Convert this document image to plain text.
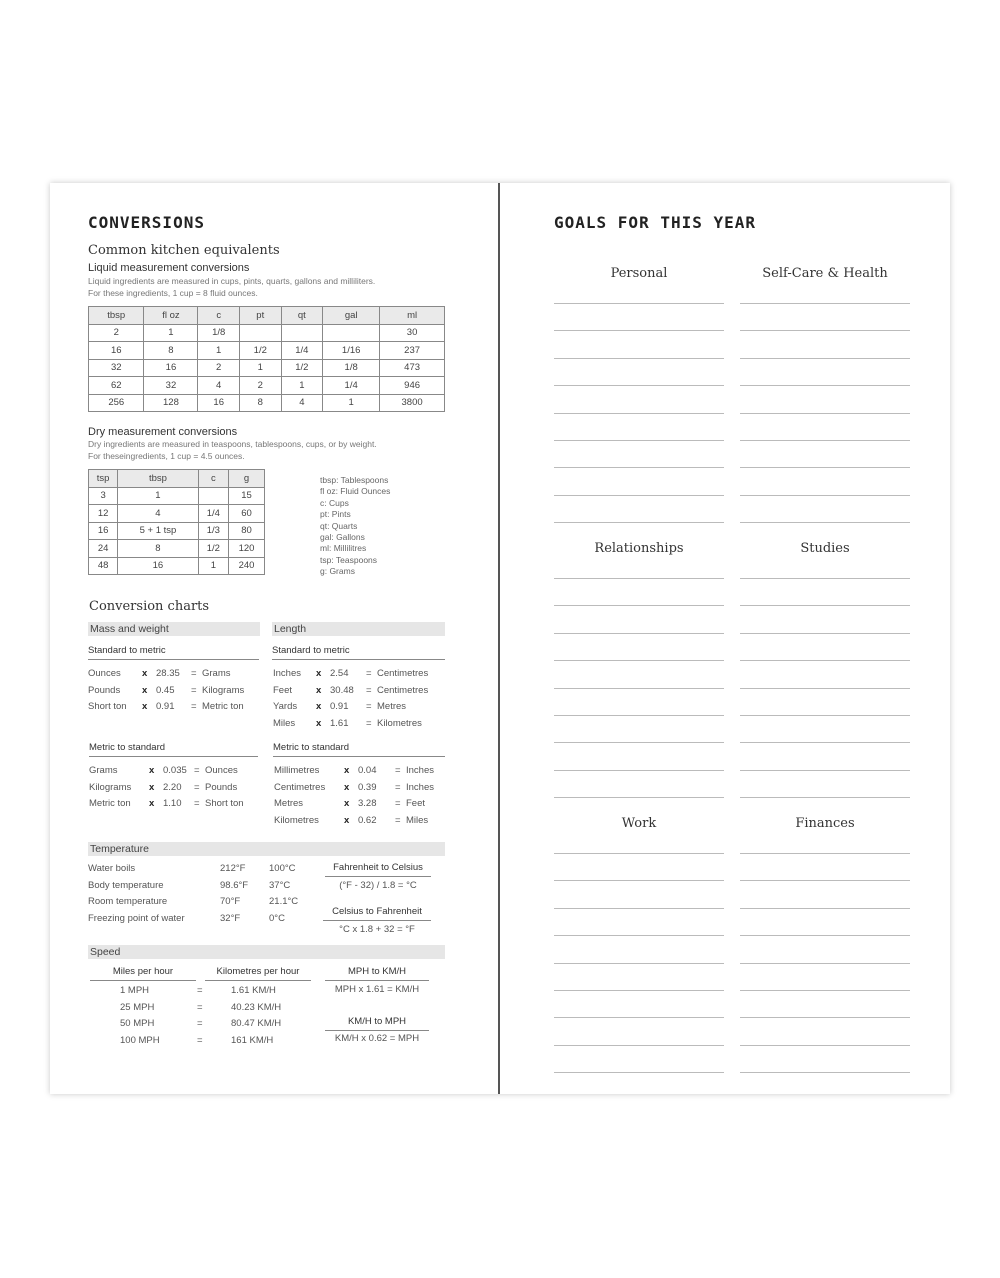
CONVERSIONS
Common kitchen equivalents
Liquid measurement conversions
Liquid ingredients are measured in cups, pints, quarts, gallons and milliliters.
For these ingredients, 1 cup = 8 fluid ounces.
tbsp	fl oz	c	pt	qt	gal	ml
2	1	1/8				30
16	8	1	1/2	1/4	1/16	237
32	16	2	1	1/2	1/8	473
62	32	4	2	1	1/4	946
256	128	16	8	4	1	3800
Dry measurement conversions
Dry ingredients are measured in teaspoons, tablespoons, cups, or by weight.
For theseingredients, 1 cup = 4.5 ounces.
tsp	tbsp	c	g
3	1		15
12	4	1/4	60
16	5 + 1 tsp	1/3	80
24	8	1/2	120
48	16	1	240
tbsp: Tablespoons
fl oz: Fluid Ounces
c: Cups
pt: Pints
qt: Quarts
gal: Gallons
ml: Millilitres
tsp: Teaspoons
g: Grams
Conversion charts
Mass and weight
Standard to metric
Ounces x 28.35 = Grams
Pounds x 0.45 = Kilograms
Short ton x 0.91 = Metric ton
Metric to standard
Grams	x 0.035 = Ounces
Kilograms x 2.20 = Pounds
Metric ton x 1.10 = Short ton
Length
Standard to metric
Inches x 2.54 = Centimetres
Feet	x 30.48 = Centimetres
Yards x 0.91 = Metres
Miles x 1.61 = Kilometres
Metric to standard
Millimetres	x 0.04 = Inches
Centimetres x 0.39 = Inches
Metres	x 3.28 = Feet
Kilometres	x 0.62 = Miles
Temperature
Water boils	212°F 100°C
Body temperature	98.6°F 37°C
Room temperature	70°F	21.1°C
Freezing point of water	32°F	0°C
Fahrenheit to Celsius
(°F - 32) / 1.8 = °C
Celsius to Fahrenheit
°C x 1.8 + 32 = °F
Speed
Miles per hour	Kilometres per hour
1 MPH	=	1.61 KM/H
25 MPH	=	40.23 KM/H
50 MPH	=	80.47 KM/H
100 MPH	=	161 KM/H
MPH to KM/H
MPH x 1.61 = KM/H
KM/H to MPH
KM/H x 0.62 = MPH
GOALS FOR THIS YEAR
Personal	Self-Care & Health
Relationships	Studies
Work	Finances
